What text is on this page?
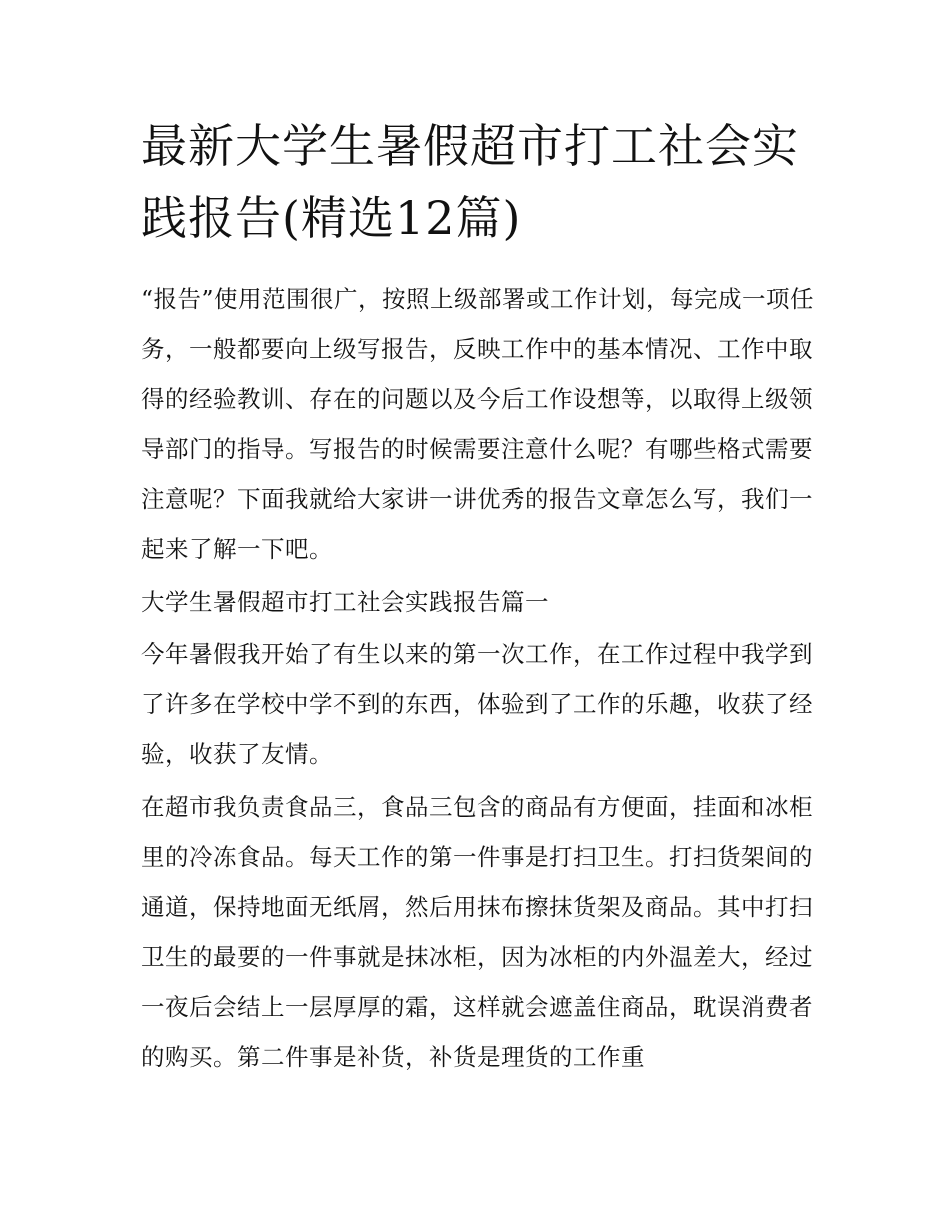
最新大学生暑假超市打工社会实践报告(精选12篇)

“报告”使用范围很广，按照上级部署或工作计划，每完成一项任务，一般都要向上级写报告，反映工作中的基本情况、工作中取得的经验教训、存在的问题以及今后工作设想等，以取得上级领导部门的指导。写报告的时候需要注意什么呢？有哪些格式需要注意呢？下面我就给大家讲一讲优秀的报告文章怎么写，我们一起来了解一下吧。

大学生暑假超市打工社会实践报告篇一

今年暑假我开始了有生以来的第一次工作，在工作过程中我学到了许多在学校中学不到的东西，体验到了工作的乐趣，收获了经验，收获了友情。

在超市我负责食品三，食品三包含的商品有方便面，挂面和冰柜里的冷冻食品。每天工作的第一件事是打扫卫生。打扫货架间的通道，保持地面无纸屑，然后用抹布擦抹货架及商品。其中打扫卫生的最要的一件事就是抹冰柜，因为冰柜的内外温差大，经过一夜后会结上一层厚厚的霜，这样就会遮盖住商品，耽误消费者的购买。第二件事是补货，补货是理货的工作重
